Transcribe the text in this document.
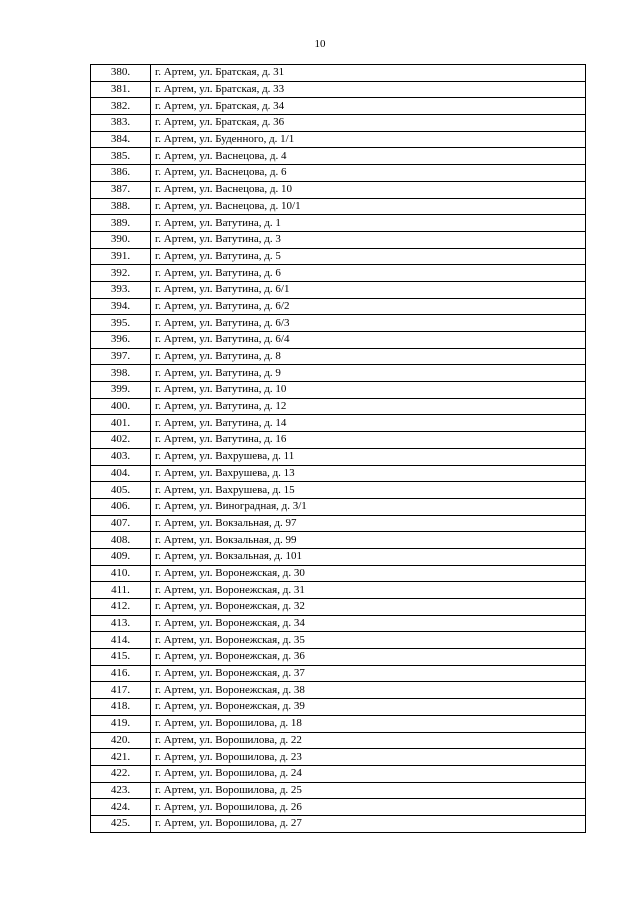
10
380.	г. Артем, ул. Братская, д. 31
381.	г. Артем, ул. Братская, д. 33
382.	г. Артем, ул. Братская, д. 34
383.	г. Артем, ул. Братская, д. 36
384.	г. Артем, ул. Буденного, д. 1/1
385.	г. Артем, ул. Васнецова, д. 4
386.	г. Артем, ул. Васнецова, д. 6
387.	г. Артем, ул. Васнецова, д. 10
388.	г. Артем, ул. Васнецова, д. 10/1
389.	г. Артем, ул. Ватутина, д. 1
390.	г. Артем, ул. Ватутина, д. 3
391.	г. Артем, ул. Ватутина, д. 5
392.	г. Артем, ул. Ватутина, д. 6
393.	г. Артем, ул. Ватутина, д. 6/1
394.	г. Артем, ул. Ватутина, д. 6/2
395.	г. Артем, ул. Ватутина, д. 6/3
396.	г. Артем, ул. Ватутина, д. 6/4
397.	г. Артем, ул. Ватутина, д. 8
398.	г. Артем, ул. Ватутина, д. 9
399.	г. Артем, ул. Ватутина, д. 10
400.	г. Артем, ул. Ватутина, д. 12
401.	г. Артем, ул. Ватутина, д. 14
402.	г. Артем, ул. Ватутина, д. 16
403.	г. Артем, ул. Вахрушева, д. 11
404.	г. Артем, ул. Вахрушева, д. 13
405.	г. Артем, ул. Вахрушева, д. 15
406.	г. Артем, ул. Виноградная, д. 3/1
407.	г. Артем, ул. Вокзальная, д. 97
408.	г. Артем, ул. Вокзальная, д. 99
409.	г. Артем, ул. Вокзальная, д. 101
410.	г. Артем, ул. Воронежская, д. 30
411.	г. Артем, ул. Воронежская, д. 31
412.	г. Артем, ул. Воронежская, д. 32
413.	г. Артем, ул. Воронежская, д. 34
414.	г. Артем, ул. Воронежская, д. 35
415.	г. Артем, ул. Воронежская, д. 36
416.	г. Артем, ул. Воронежская, д. 37
417.	г. Артем, ул. Воронежская, д. 38
418.	г. Артем, ул. Воронежская, д. 39
419.	г. Артем, ул. Ворошилова, д. 18
420.	г. Артем, ул. Ворошилова, д. 22
421.	г. Артем, ул. Ворошилова, д. 23
422.	г. Артем, ул. Ворошилова, д. 24
423.	г. Артем, ул. Ворошилова, д. 25
424.	г. Артем, ул. Ворошилова, д. 26
425.	г. Артем, ул. Ворошилова, д. 27
